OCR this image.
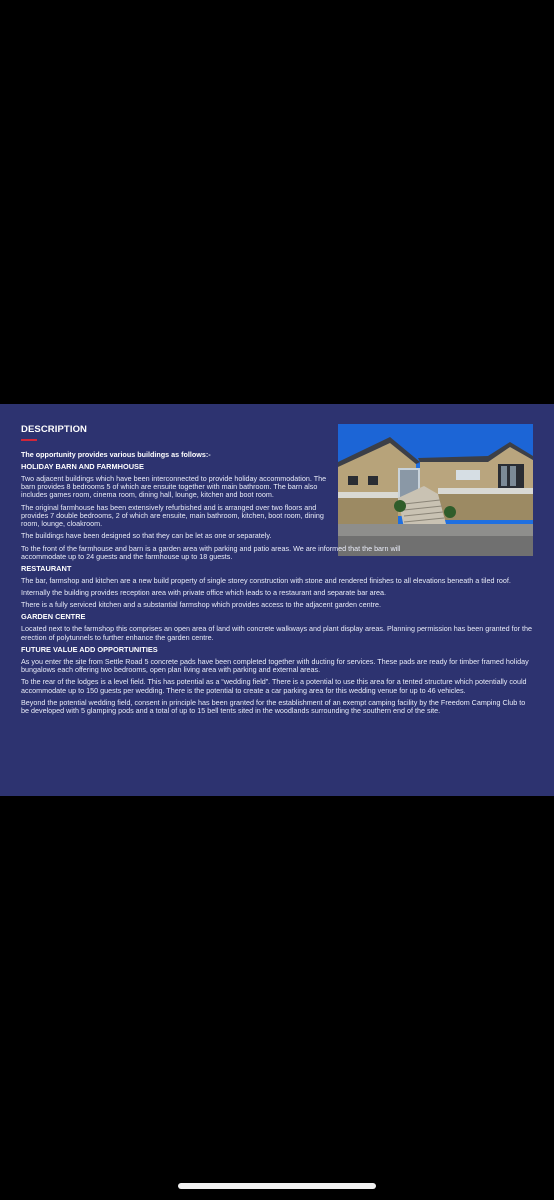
DESCRIPTION

The opportunity provides various buildings as follows:-

HOLIDAY BARN AND FARMHOUSE

Two adjacent buildings which have been interconnected to provide holiday accommodation. The barn provides 8 bedrooms 5 of which are ensuite together with main bathroom. The barn also includes games room, cinema room, dining hall, lounge, kitchen and boot room.

The original farmhouse has been extensively refurbished and is arranged over two floors and provides 7 double bedrooms, 2 of which are ensuite, main bathroom, kitchen, boot room, dining room, lounge, cloakroom.

The buildings have been designed so that they can be let as one or separately.

To the front of the farmhouse and barn is a garden area with parking and patio areas. We are informed that the barn will accommodate up to 24 guests and the farmhouse up to 18 guests.

RESTAURANT

The bar, farmshop and kitchen are a new build property of single storey construction with stone and rendered finishes to all elevations beneath a tiled roof.

Internally the building provides reception area with private office which leads to a restaurant and separate bar area.

There is a fully serviced kitchen and a substantial farmshop which provides access to the adjacent garden centre.

GARDEN CENTRE

Located next to the farmshop this comprises an open area of land with concrete walkways and plant display areas. Planning permission has been granted for the erection of polytunnels to further enhance the garden centre.

FUTURE VALUE ADD OPPORTUNITIES

As you enter the site from Settle Road 5 concrete pads have been completed together with ducting for services. These pads are ready for timber framed holiday bungalows each offering two bedrooms, open plan living area with parking and external areas.

To the rear of the lodges is a level field. This has potential as a “wedding field”. There is a potential to use this area for a tented structure which potentially could accommodate up to 150 guests per wedding. There is the potential to create a car parking area for this wedding venue for up to 46 vehicles.

Beyond the potential wedding field, consent in principle has been granted for the establishment of an exempt camping facility by the Freedom Camping Club to be developed with 5 glamping pods and a total of up to 15 bell tents sited in the woodlands surrounding the southern end of the site.
